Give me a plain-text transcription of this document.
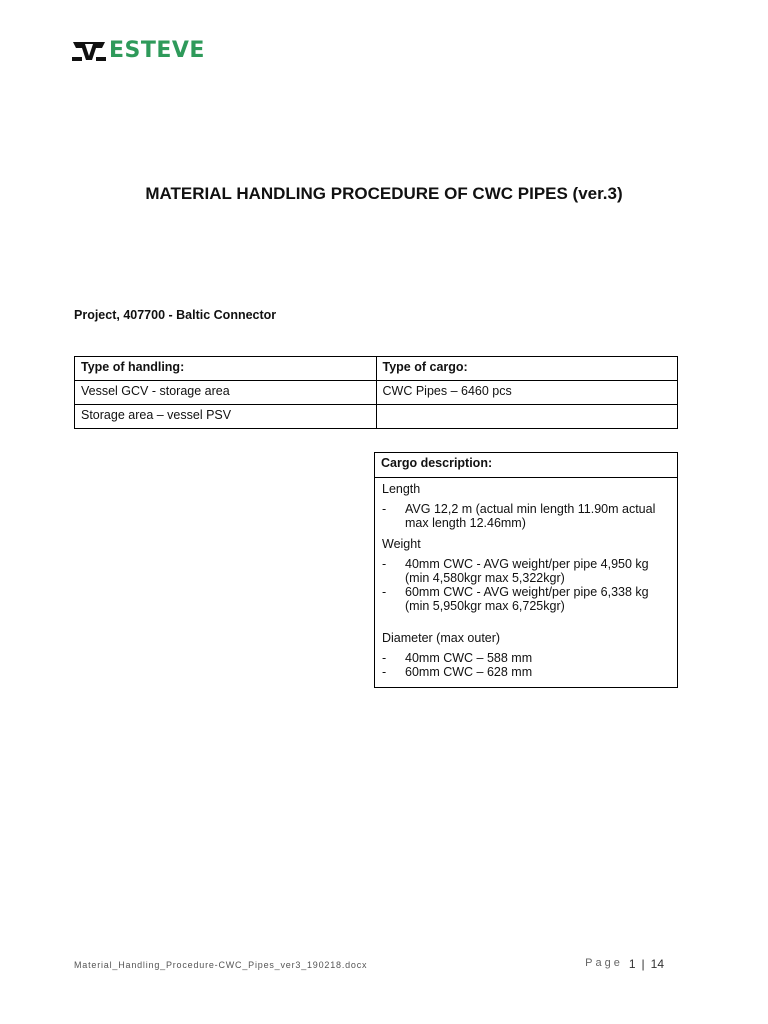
ESTEVE
MATERIAL HANDLING PROCEDURE OF CWC PIPES (ver.3)
Project, 407700 - Baltic Connector
Type of handling:	Type of cargo:
Vessel GCV - storage area	CWC Pipes – 6460 pcs
Storage area – vessel PSV	
Cargo description:

Length

-	AVG 12,2 m (actual min length 11.90m actual max length 12.46mm)

Weight

-	40mm CWC - AVG weight/per pipe 4,950 kg (min 4,580kgr max 5,322kgr)
-	60mm CWC - AVG weight/per pipe 6,338 kg (min 5,950kgr max 6,725kgr)

Diameter (max outer)

-	40mm CWC – 588 mm
-	60mm CWC – 628 mm
Material_Handling_Procedure-CWC_Pipes_ver3_190218.docx	Page 1 | 14
